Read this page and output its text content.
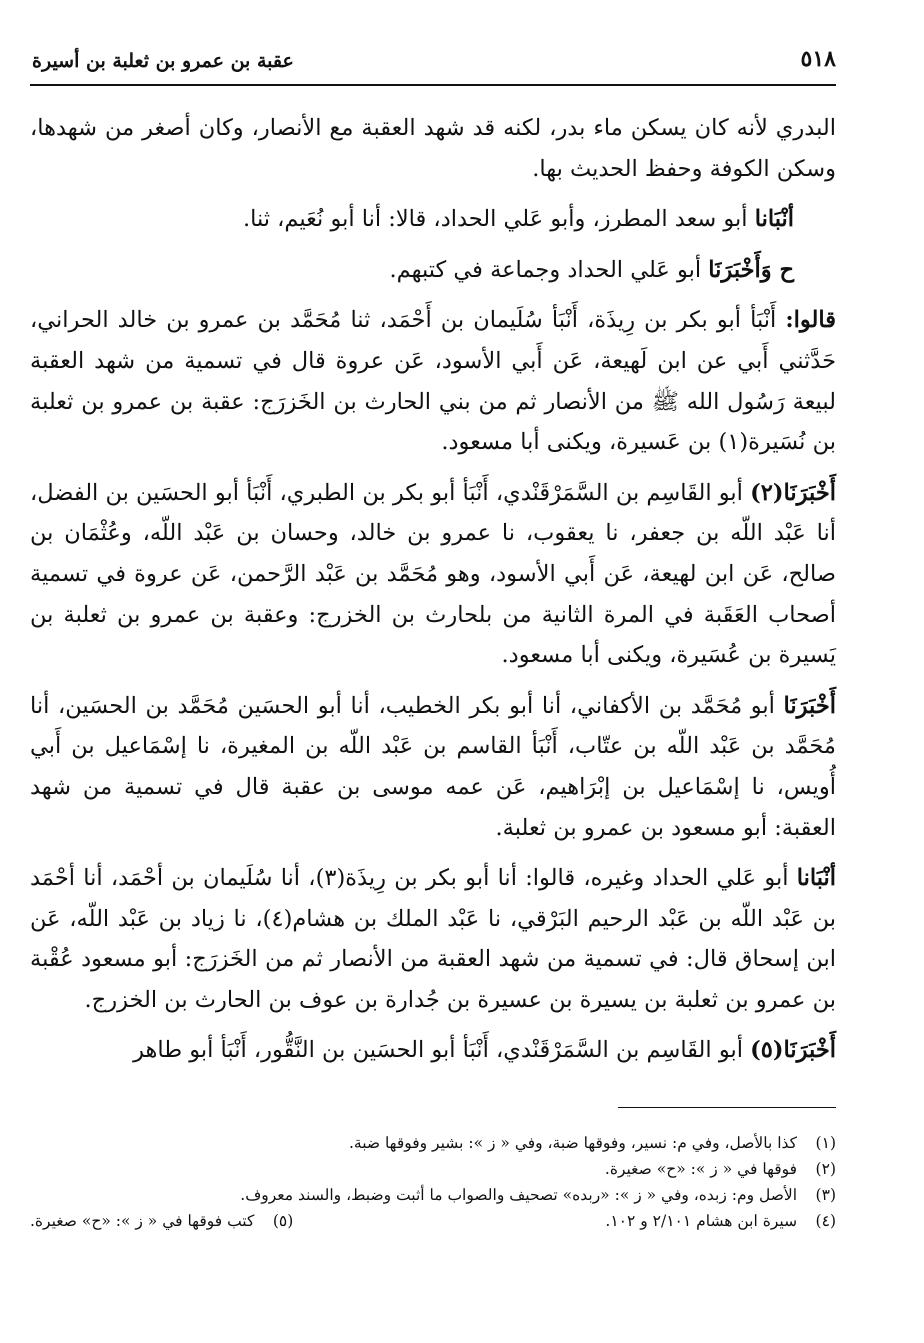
٥١٨
عقبة بن عمرو بن ثعلبة بن أسيرة

البدري لأنه كان يسكن ماء بدر، لكنه قد شهد العقبة مع الأنصار، وكان أصغر من شهدها، وسكن الكوفة وحفظ الحديث بها.

أنْبَانا أبو سعد المطرز، وأبو عَلي الحداد، قالا: أنا أبو نُعَيم، ثنا.

ح وَأَخْبَرَنَا أبو عَلي الحداد وجماعة في كتبهم.

قالوا: أَنْبَأ أبو بكر بن رِيذَة، أَنْبَأ سُلَيمان بن أَحْمَد، ثنا مُحَمَّد بن عمرو بن خالد الحراني، حَدَّثني أَبي عن ابن لَهيعة، عَن أَبي الأسود، عَن عروة قال في تسمية من شهد العقبة لبيعة رَسُول الله ﷺ من الأنصار ثم من بني الحارث بن الخَزرَج: عقبة بن عمرو بن ثعلبة بن نُسَيرة(١) بن عَسيرة، ويكنى أبا مسعود.

أَخْبَرَنَا(٢) أبو القَاسِم بن السَّمَرْقَنْدي، أَنْبَأ أبو بكر بن الطبري، أَنْبَأ أبو الحسَين بن الفضل، أنا عَبْد اللّه بن جعفر، نا يعقوب، نا عمرو بن خالد، وحسان بن عَبْد اللّه، وعُثْمَان بن صالح، عَن ابن لهيعة، عَن أَبي الأسود، وهو مُحَمَّد بن عَبْد الرَّحمن، عَن عروة في تسمية أصحاب العَقَبة في المرة الثانية من بلحارث بن الخزرج: وعقبة بن عمرو بن ثعلبة بن يَسيرة بن عُسَيرة، ويكنى أبا مسعود.

أَخْبَرَنَا أبو مُحَمَّد بن الأكفاني، أنا أبو بكر الخطيب، أنا أبو الحسَين مُحَمَّد بن الحسَين، أنا مُحَمَّد بن عَبْد اللّه بن عتّاب، أَنْبَأ القاسم بن عَبْد اللّه بن المغيرة، نا إسْمَاعيل بن أَبي أُويس، نا إسْمَاعيل بن إبْرَاهيم، عَن عمه موسى بن عقبة قال في تسمية من شهد العقبة: أبو مسعود بن عمرو بن ثعلبة.

أنْبَانا أبو عَلي الحداد وغيره، قالوا: أنا أبو بكر بن رِيذَة(٣)، أنا سُلَيمان بن أحْمَد، أنا أحْمَد بن عَبْد اللّه بن عَبْد الرحيم البَرْقي، نا عَبْد الملك بن هشام(٤)، نا زياد بن عَبْد اللّه، عَن ابن إسحاق قال: في تسمية من شهد العقبة من الأنصار ثم من الخَزرَج: أبو مسعود عُقْبة بن عمرو بن ثعلبة بن يسيرة بن عسيرة بن جُدارة بن عوف بن الحارث بن الخزرج.

أَخْبَرَنَا(٥) أبو القَاسِم بن السَّمَرْقَنْدي، أَنْبَأ أبو الحسَين بن النَّقُّور، أَنْبَأ أبو طاهر

(١) كذا بالأصل، وفي م: نسير، وفوقها ضبة، وفي « ز »: بشير وفوقها ضبة.
(٢) فوقها في « ز »: «ح» صغيرة.
(٣) الأصل وم: زبده، وفي « ز »: «ربده» تصحيف والصواب ما أثبت وضبط، والسند معروف.
(٤) سيرة ابن هشام ٢/١٠١ و ١٠٢.
(٥) كتب فوقها في « ز »: «ح» صغيرة.
